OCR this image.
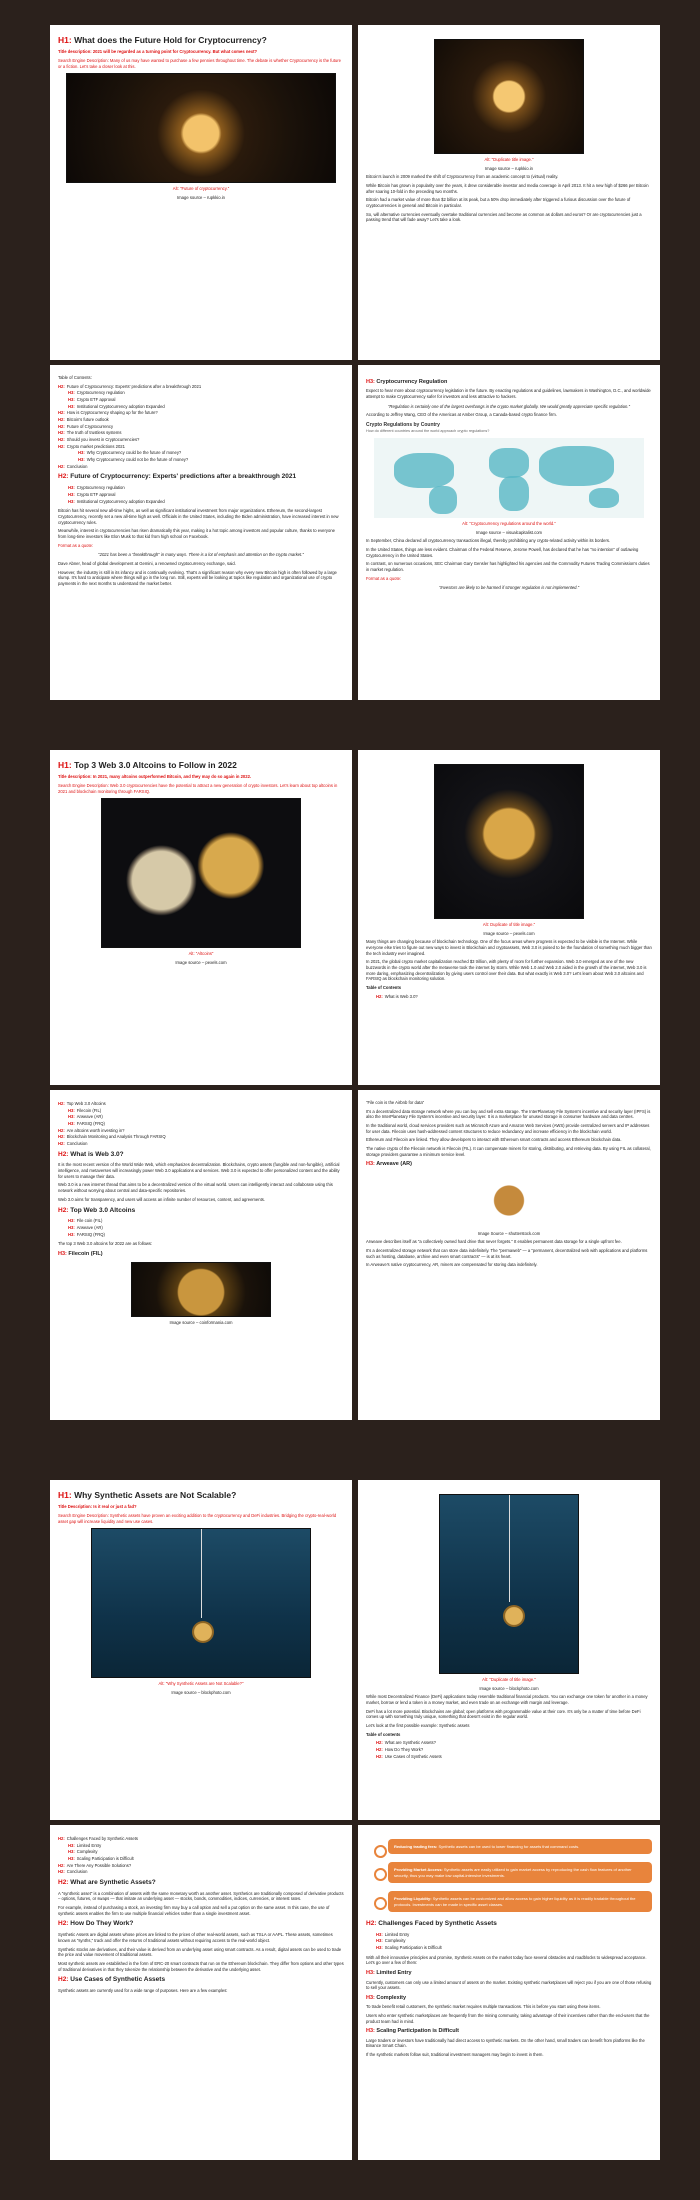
H1: What does the Future Hold for Cryptocurrency?

Title description: 2021 will be regarded as a turning point for Cryptocurrency. But what comes next?

Search Engine Description: Many of us may have wanted to purchase a few pennies throughout time. The debate is whether Cryptocurrency is the future or a fiction. Let's take a closer look at this.

Alt: "Future of cryptocurrency."

Image source – rupkkio.in

Alt: "Duplicate title image."

Image source – rupkkio.in

Bitcoin's launch in 2009 marked the shift of Cryptocurrency from an academic concept to (virtual) reality.

While Bitcoin has grown in popularity over the years, it drew considerable investor and media coverage in April 2013. It hit a new high of $266 per Bitcoin after soaring 10-fold in the preceding two months.

Bitcoin had a market value of more than $2 billion at its peak, but a 50% drop immediately after triggered a furious discussion over the future of cryptocurrencies in general and Bitcoin in particular.

So, will alternative currencies eventually overtake traditional currencies and become as common as dollars and euros? Or are cryptocurrencies just a passing trend that will fade away? Let's take a look.

Table of Contents:

H2: Future of Cryptocurrency: Experts' predictions after a breakthrough 2021
H3: Cryptocurrency regulation
H3: Crypto ETF approval
H3: Institutional Cryptocurrency adoption Expanded
H2: How is Cryptocurrency shaping up for the future?
H2: Bitcoin's future outlook
H2: Future of Cryptocurrency
H2: The truth of trustless systems
H2: Should you invest in Cryptocurrencies?
H2: Crypto market predictions 2021
H3: Why Cryptocurrency could be the future of money?
H3: Why Cryptocurrency could not be the future of money?
H2: Conclusion
H2: Future of Cryptocurrency: Experts' predictions after a breakthrough 2021
H3: Cryptocurrency regulation
H3: Crypto ETF approval
H3: Institutional Cryptocurrency adoption Expanded

Bitcoin has hit several new all-time highs, as well as significant institutional investment from major organizations. Ethereum, the second-largest Cryptocurrency, recently set a new all-time high as well. Officials in the United States, including the Biden administration, have increased interest in new cryptocurrency rules.

Meanwhile, interest in cryptocurrencies has risen dramatically this year, making it a hot topic among investors and popular culture, thanks to everyone from long-time investors like Elon Musk to that kid from high school on Facebook.

Format as a quote:

"2021 has been a "breakthrough" in many ways. There is a lot of emphasis and attention on the crypto market."

Dave Abner, head of global development at Gemini, a renowned cryptocurrency exchange, said.

However, the industry is still in its infancy and is continually evolving. That's a significant reason why every new Bitcoin high is often followed by a large slump. It's hard to anticipate where things will go in the long run. Still, experts will be looking at topics like regulation and organizational use of crypto payments in the next months to understand the market better.

H3: Cryptocurrency Regulation

Expect to hear more about cryptocurrency legislation in the future. By enacting regulations and guidelines, lawmakers in Washington, D.C., and worldwide attempt to make Cryptocurrency safer for investors and less attractive to hackers.

"Regulation is certainly one of the largest overhangs in the crypto market globally. We would greatly appreciate specific regulation."

According to Jeffrey Wang, CEO of the Americas at Amber Group, a Canada-based crypto finance firm.

Crypto Regulations by Country
How do different countries around the world approach crypto regulations?

Alt: "Cryptocurrency regulations around the world."

Image source – visualcapitalist.com

In September, China declared all cryptocurrency transactions illegal, thereby prohibiting any crypto-related activity within its borders.

In the United States, things are less evident. Chairman of the Federal Reserve, Jerome Powell, has declared that he has "no intention" of outlawing Cryptocurrency in the United States.

In contrast, on numerous occasions, SEC Chairman Gary Gensler has highlighted his agencies and the Commodity Futures Trading Commission's duties in market regulation.

Format as a quote:

"Investors are likely to be harmed if stronger regulation is not implemented."

H1: Top 3 Web 3.0 Altcoins to Follow in 2022

Title description: In 2021, many altcoins outperformed Bitcoin, and they may do so again in 2022.

Search Engine Description: Web 3.0 cryptocurrencies have the potential to attract a new generation of crypto investors. Let's learn about top altcoins in 2021 and blockchain monitoring through FARSIQ.

Alt: "Altcoins"

Image source – pexels.com

Alt: Duplicate of title image."

Image source – pexels.com

Many things are changing because of blockchain technology. One of the focus areas where progress is expected to be visible is the Internet. While everyone else tries to figure out new ways to invest in Blockchain and cryptoassets, Web 3.0 is poised to be the foundation of something much bigger than the tech industry ever imagined.

In 2021, the global crypto market capitalization reached $3 trillion, with plenty of room for further expansion. Web 3.0 emerged as one of the new buzzwords in the crypto world after the metaverse took the internet by storm. While Web 1.0 and Web 2.0 aided in the growth of the internet, Web 3.0 is more daring, emphasizing decentralization by giving users control over their data. But what exactly is Web 3.0? Let's learn about Web 3.0 altcoins and FARSIQ as blockchain monitoring solution.

Table of Contents

H2: What is Web 3.0?
H2: Top Web 3.0 Altcoins
H3: Filecoin (FIL)
H3: Arweave (AR)
H3: FARSIQ (FRQ)
H2: Are altcoins worth investing in?
H2: Blockchain Monitoring and Analysis Through FARSIQ
H2: Conclusion
H2: What is Web 3.0?

It is the most recent version of the World Wide Web, which emphasizes decentralization. Blockchains, crypto assets (fungible and non-fungible), artificial intelligence, and metaverses will increasingly power Web 3.0 applications and services. Web 3.0 is expected to offer personalized content and the ability for users to manage their data.

Web 3.0 is a new internet thread that aims to be a decentralized version of the virtual world. Users can intelligently interact and collaborate using this network without worrying about central and data-specific repositories.

Web 3.0 aims for transparency, and users will access an infinite number of resources, content, and agreements.

H2: Top Web 3.0 Altcoins
H3: File coin (FIL)
H3: Arweave (AR)
H3: FARSIQ (FRQ)

The top 3 Web 3.0 altcoins for 2022 are as follows:

H3: Filecoin (FIL)

Image source – coinformania.com

"File coin is the Airbnb for data"

It's a decentralized data storage network where you can buy and sell extra storage. The InterPlanetary File System's incentive and security layer (IPFS) is also the InterPlanetary File System's incentive and security layer. It is a marketplace for unused storage in consumer hardware and data centres.

In the traditional world, cloud services providers such as Microsoft Azure and Amazon Web Services (AWS) provide centralized servers and IP addresses for user data. Filecoin uses hash-addressed content structures to reduce redundancy and increase efficiency in the blockchain world.

Ethereum and Filecoin are linked. They allow developers to interact with Ethereum smart contracts and access Ethereum blockchain data.

The native crypto of the Filecoin network is Filecoin (FIL). It can compensate miners for storing, distributing, and retrieving data. By using FIL as collateral, storage providers guarantee a minimum service level.

H3: Arweave (AR)

Image Source – shutterstock.com

Arweave describes itself as "a collectively owned hard drive that never forgets." It enables permanent data storage for a single upfront fee.

It's a decentralized storage network that can store data indefinitely. The "permaweb" — a "permanent, decentralized web with applications and platforms such as hosting, database, archive and even smart contracts" — is at its heart.

In Arweave's native cryptocurrency, AR, miners are compensated for storing data indefinitely.

H1: Why Synthetic Assets are Not Scalable?

Title Description: Is it real or just a fad?

Search Engine Description: Synthetic assets have proven an exciting addition to the cryptocurrency and DeFi industries. Bridging the crypto-real-world asset gap will increase liquidity and new use cases.

Alt: "Why Synthetic Assets are Not Scalable?"

Image source – blockphoto.com

Alt: "Duplicate of title image."

Image source – blockphoto.com

While most Decentralized Finance (DeFi) applications today resemble traditional financial products. You can exchange one token for another in a money market, borrow or lend a token in a money market, and even trade on an exchange with margin and leverage.

DeFi has a lot more potential. Blockchains are global; open platforms with programmable value at their core. It's only be a matter of time before DeFi comes up with something truly unique, something that doesn't exist in the regular world.

Let's look at the first possible example: Synthetic assets

Table of contents

H2: What are Synthetic Assets?
H2: How Do They Work?
H2: Use Cases of Synthetic Assets
H2: Challenges Faced by Synthetic Assets
H3: Limited Entry
H3: Complexity
H3: Scaling Participation is Difficult
H2: Are There Any Possible Solutions?
H2: Conclusion
H2: What are Synthetic Assets?

A "synthetic asset" is a combination of assets with the same monetary worth as another asset. Synthetics are traditionally composed of derivative products – options, futures, or swaps — that imitate an underlying asset — stocks, bonds, commodities, indices, currencies, or interest rates.

For example, instead of purchasing a stock, an investing firm may buy a call option and sell a put option on the same asset. In this case, the use of synthetic assets enables the firm to use multiple financial vehicles rather than a single investment asset.

H2: How Do They Work?

Synthetic Assets are digital assets whose prices are linked to the prices of other real-world assets, such as TSLA or AAPL. These assets, sometimes known as "synths," track and offer the returns of traditional assets without requiring access to the real-world object.

Synthetic stocks are derivatives, and their value is derived from an underlying asset using smart contracts. As a result, digital assets can be used to trade the price and value movement of traditional assets.

Most synthetic assets are established in the form of ERC-20 smart contracts that run on the Ethereum blockchain. They differ from options and other types of traditional derivatives in that they tokenize the relationship between the derivative and the underlying asset.

H2: Use Cases of Synthetic Assets

Synthetic assets are currently used for a wide range of purposes. Here are a few examples:

Reducing trading fees: Synthetic assets can be used to lower financing for assets that command costs.
Providing Market Access: Synthetic assets are easily utilized to gain market access by reproducing the cash flow features of another security, thus you may make low capital-intensive investments.
Providing Liquidity: Synthetic assets can be customized and allow access to gain higher liquidity as it is readily tradable throughout the protocols. Investments can be made in specific asset classes.
H2: Challenges Faced by Synthetic Assets
H3: Limited Entry
H3: Complexity
H3: Scaling Participation is Difficult

With all their innovative principles and promise, Synthetic Assets on the market today face several obstacles and roadblocks to widespread acceptance. Let's go over a few of them:

H3: Limited Entry

Currently, customers can only use a limited amount of assets on the market. Existing synthetic marketplaces will reject you if you are one of those refusing to sell your assets.

H3: Complexity

To trade benefit retail customers, the synthetic market requires multiple transactions. This is before you start using these items.

Users who enter synthetic marketplaces are frequently from the mining community, taking advantage of their incentives rather than the end-users that the product team had in mind.

H3: Scaling Participation is Difficult

Large traders or investors have traditionally had direct access to synthetic markets. On the other hand, small traders can benefit from platforms like the Binance Smart Chain.

If the synthetic markets follow suit, traditional investment managers may begin to invest in them.
